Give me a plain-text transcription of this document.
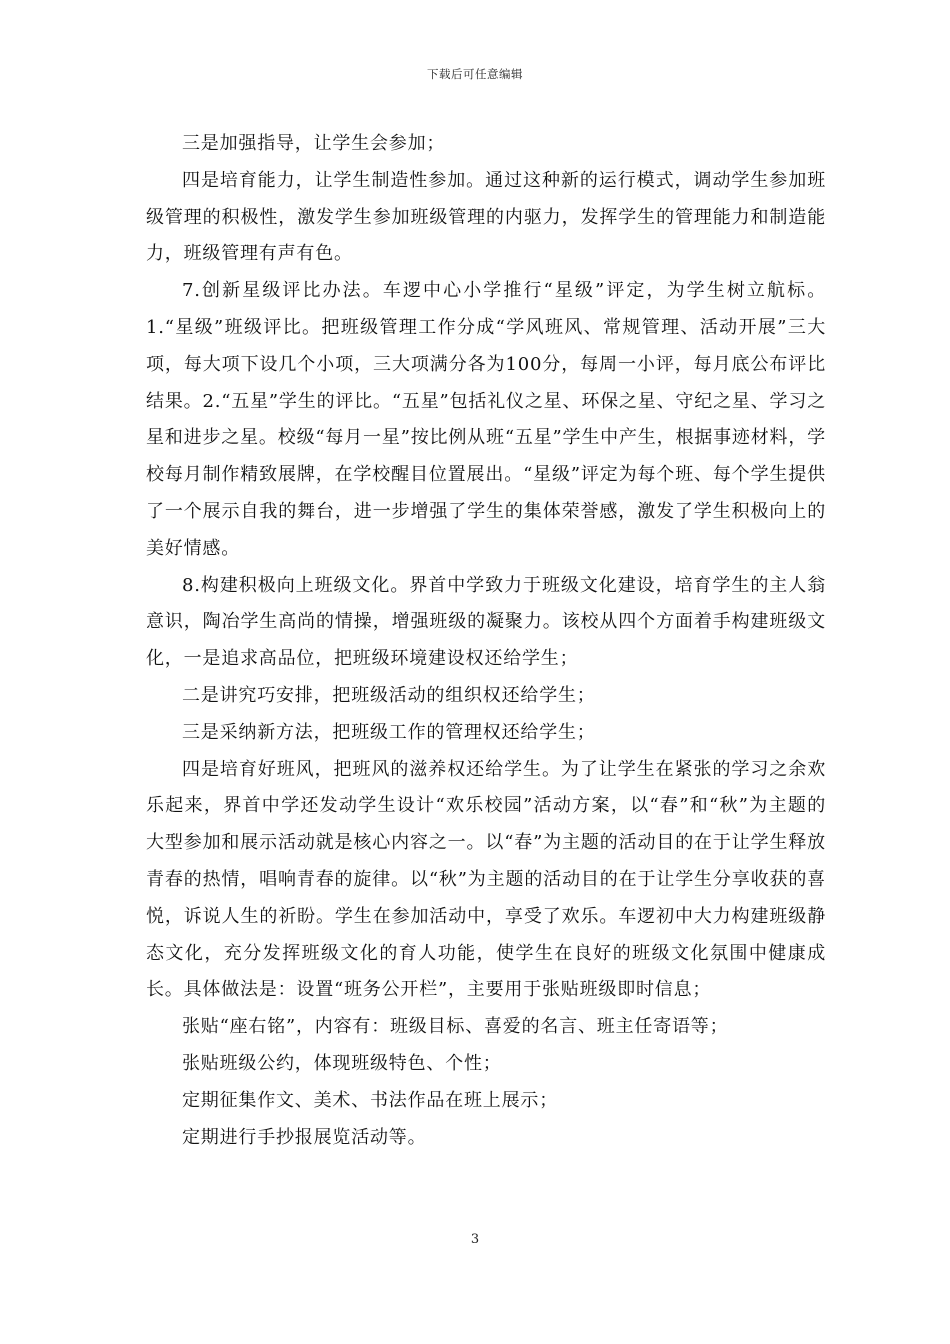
下载后可任意编辑

三是加强指导，让学生会参加；

四是培育能力，让学生制造性参加。通过这种新的运行模式，调动学生参加班级管理的积极性，激发学生参加班级管理的内驱力，发挥学生的管理能力和制造能力，班级管理有声有色。

7.创新星级评比办法。车逻中心小学推行“星级”评定，为学生树立航标。1.“星级”班级评比。把班级管理工作分成“学风班风、常规管理、活动开展”三大项，每大项下设几个小项，三大项满分各为100分，每周一小评，每月底公布评比结果。2.“五星”学生的评比。“五星”包括礼仪之星、环保之星、守纪之星、学习之星和进步之星。校级“每月一星”按比例从班“五星”学生中产生，根据事迹材料，学校每月制作精致展牌，在学校醒目位置展出。“星级”评定为每个班、每个学生提供了一个展示自我的舞台，进一步增强了学生的集体荣誉感，激发了学生积极向上的美好情感。

8.构建积极向上班级文化。界首中学致力于班级文化建设，培育学生的主人翁意识，陶冶学生高尚的情操，增强班级的凝聚力。该校从四个方面着手构建班级文化，一是追求高品位，把班级环境建设权还给学生；

二是讲究巧安排，把班级活动的组织权还给学生；

三是采纳新方法，把班级工作的管理权还给学生；

四是培育好班风，把班风的滋养权还给学生。为了让学生在紧张的学习之余欢乐起来，界首中学还发动学生设计“欢乐校园”活动方案，以“春”和“秋”为主题的大型参加和展示活动就是核心内容之一。以“春”为主题的活动目的在于让学生释放青春的热情，唱响青春的旋律。以“秋”为主题的活动目的在于让学生分享收获的喜悦，诉说人生的祈盼。学生在参加活动中，享受了欢乐。车逻初中大力构建班级静态文化，充分发挥班级文化的育人功能，使学生在良好的班级文化氛围中健康成长。具体做法是：设置“班务公开栏”，主要用于张贴班级即时信息；

张贴“座右铭”，内容有：班级目标、喜爱的名言、班主任寄语等；

张贴班级公约，体现班级特色、个性；

定期征集作文、美术、书法作品在班上展示；

定期进行手抄报展览活动等。

3
